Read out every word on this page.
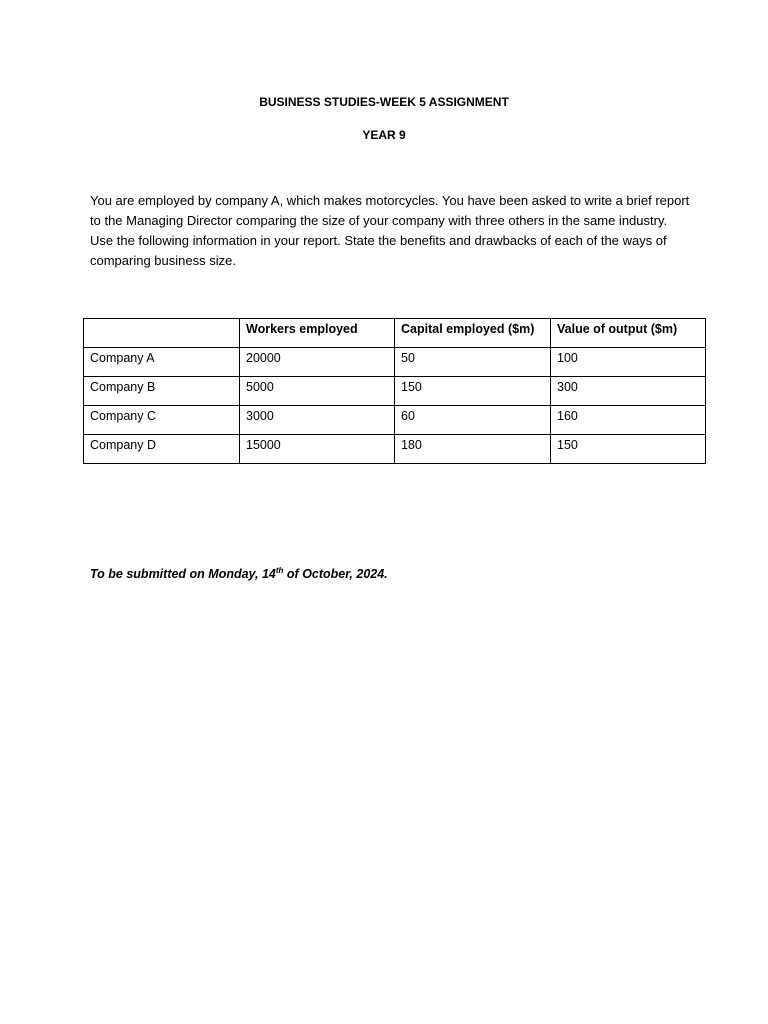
BUSINESS STUDIES-WEEK 5 ASSIGNMENT
YEAR 9
You are employed by company A, which makes motorcycles. You have been asked to write a brief report
to the Managing Director comparing the size of your company with three others in the same industry.
Use the following information in your report. State the benefits and drawbacks of each of the ways of
comparing business size.
	Workers employed	Capital employed ($m)	Value of output ($m)
Company A	20000	50	100
Company B	5000	150	300
Company C	3000	60	160
Company D	15000	180	150
To be submitted on Monday, 14th of October, 2024.
